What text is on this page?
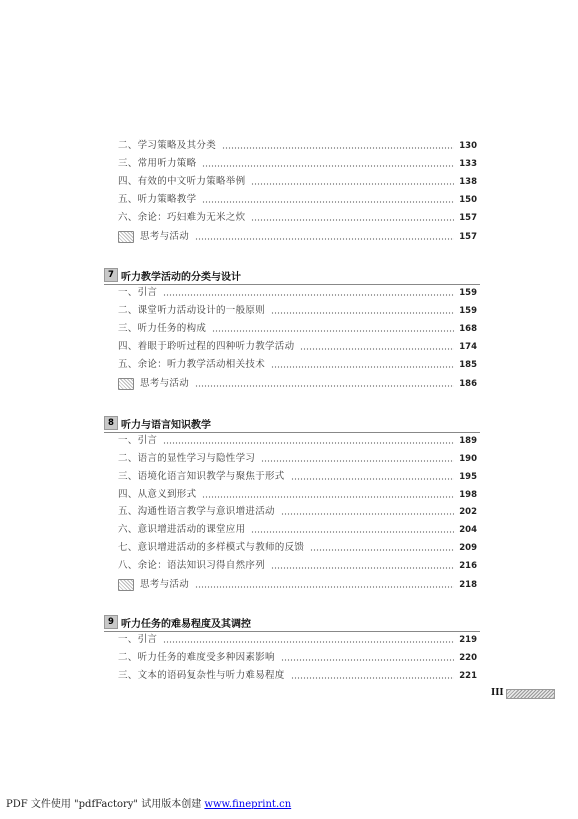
二、学习策略及其分类	130
三、常用听力策略	133
四、有效的中文听力策略举例	138
五、听力策略教学	150
六、余论：巧妇难为无米之炊	157
思考与活动	157
7 听力教学活动的分类与设计
一、引言	159
二、课堂听力活动设计的一般原则	159
三、听力任务的构成	168
四、着眼于聆听过程的四种听力教学活动	174
五、余论：听力教学活动相关技术	185
思考与活动	186
8 听力与语言知识教学
一、引言	189
二、语言的显性学习与隐性学习	190
三、语境化语言知识教学与聚焦于形式	195
四、从意义到形式	198
五、沟通性语言教学与意识增进活动	202
六、意识增进活动的课堂应用	204
七、意识增进活动的多样模式与教师的反馈	209
八、余论：语法知识习得自然序列	216
思考与活动	218
9 听力任务的难易程度及其调控
一、引言	219
二、听力任务的难度受多种因素影响	220
三、文本的语码复杂性与听力难易程度	221
III
PDF 文件使用 "pdfFactory" 试用版本创建 www.fineprint.cn
